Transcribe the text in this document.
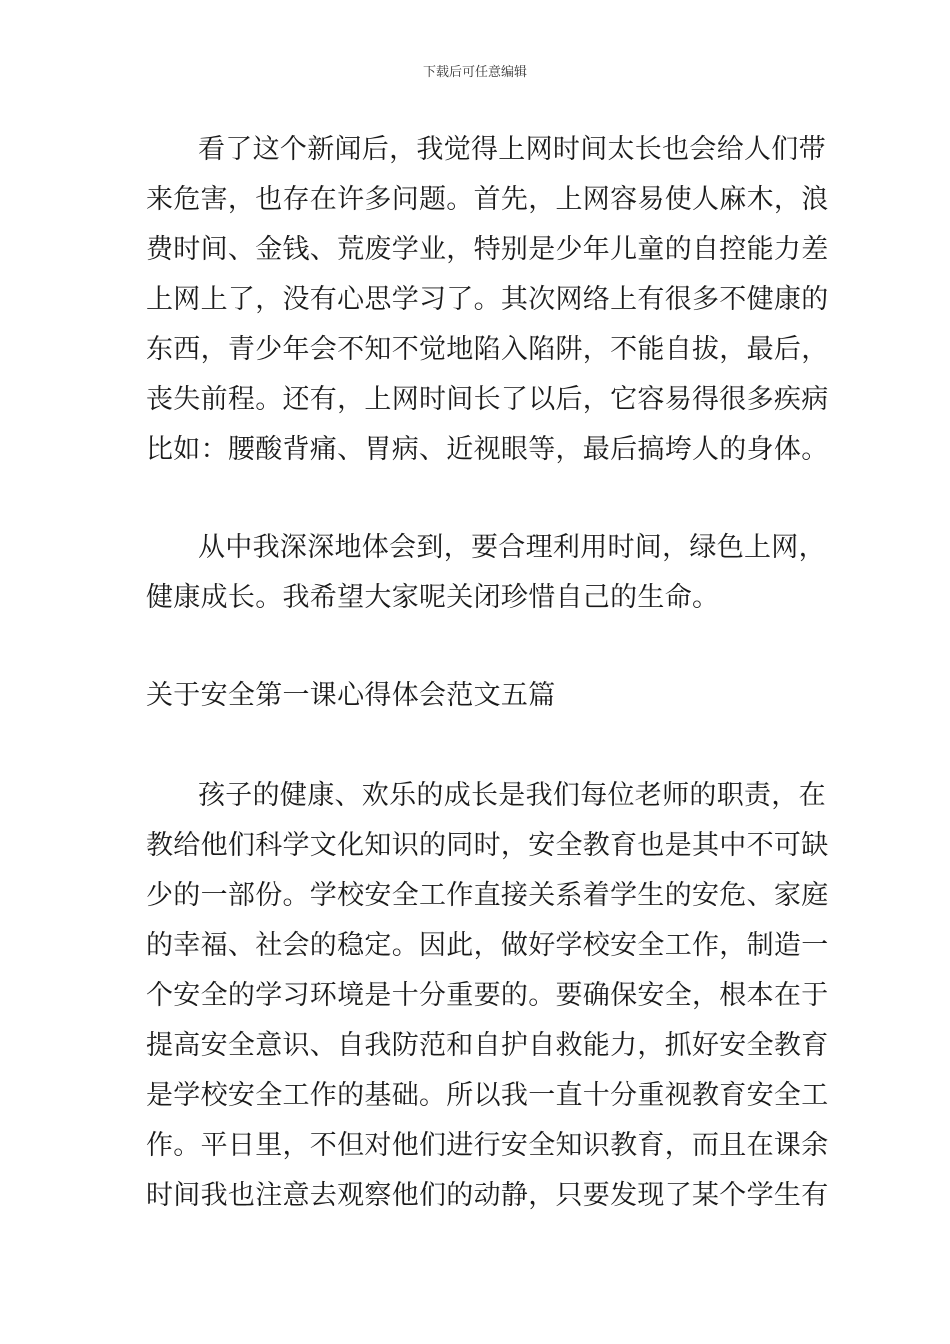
下载后可任意编辑
看了这个新闻后，我觉得上网时间太长也会给人们带
来危害，也存在许多问题。首先，上网容易使人麻木，浪
费时间、金钱、荒废学业，特别是少年儿童的自控能力差
上网上了，没有心思学习了。其次网络上有很多不健康的
东西，青少年会不知不觉地陷入陷阱，不能自拔，最后，
丧失前程。还有，上网时间长了以后，它容易得很多疾病
比如：腰酸背痛、胃病、近视眼等，最后搞垮人的身体。
从中我深深地体会到，要合理利用时间，绿色上网，
健康成长。我希望大家呢关闭珍惜自己的生命。
关于安全第一课心得体会范文五篇
孩子的健康、欢乐的成长是我们每位老师的职责，在
教给他们科学文化知识的同时，安全教育也是其中不可缺
少的一部份。学校安全工作直接关系着学生的安危、家庭
的幸福、社会的稳定。因此，做好学校安全工作，制造一
个安全的学习环境是十分重要的。要确保安全，根本在于
提高安全意识、自我防范和自护自救能力，抓好安全教育
是学校安全工作的基础。所以我一直十分重视教育安全工
作。平日里，不但对他们进行安全知识教育，而且在课余
时间我也注意去观察他们的动静，只要发现了某个学生有
